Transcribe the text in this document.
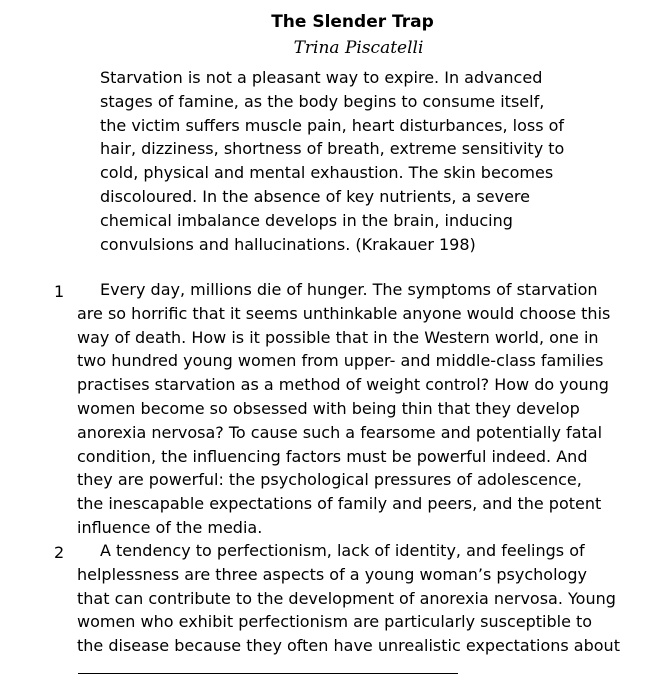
The Slender Trap
Trina Piscatelli
Starvation is not a pleasant way to expire. In advanced
stages of famine, as the body begins to consume itself,
the victim suffers muscle pain, heart disturbances, loss of
hair, dizziness, shortness of breath, extreme sensitivity to
cold, physical and mental exhaustion. The skin becomes
discoloured. In the absence of key nutrients, a severe
chemical imbalance develops in the brain, inducing
convulsions and hallucinations. (Krakauer 198)
1	Every day, millions die of hunger. The symptoms of starvation
are so horrific that it seems unthinkable anyone would choose this
way of death. How is it possible that in the Western world, one in
two hundred young women from upper- and middle-class families
practises starvation as a method of weight control? How do young
women become so obsessed with being thin that they develop
anorexia nervosa? To cause such a fearsome and potentially fatal
condition, the influencing factors must be powerful indeed. And
they are powerful: the psychological pressures of adolescence,
the inescapable expectations of family and peers, and the potent
influence of the media.
2	A tendency to perfectionism, lack of identity, and feelings of
helplessness are three aspects of a young woman’s psychology
that can contribute to the development of anorexia nervosa. Young
women who exhibit perfectionism are particularly susceptible to
the disease because they often have unrealistic expectations about
